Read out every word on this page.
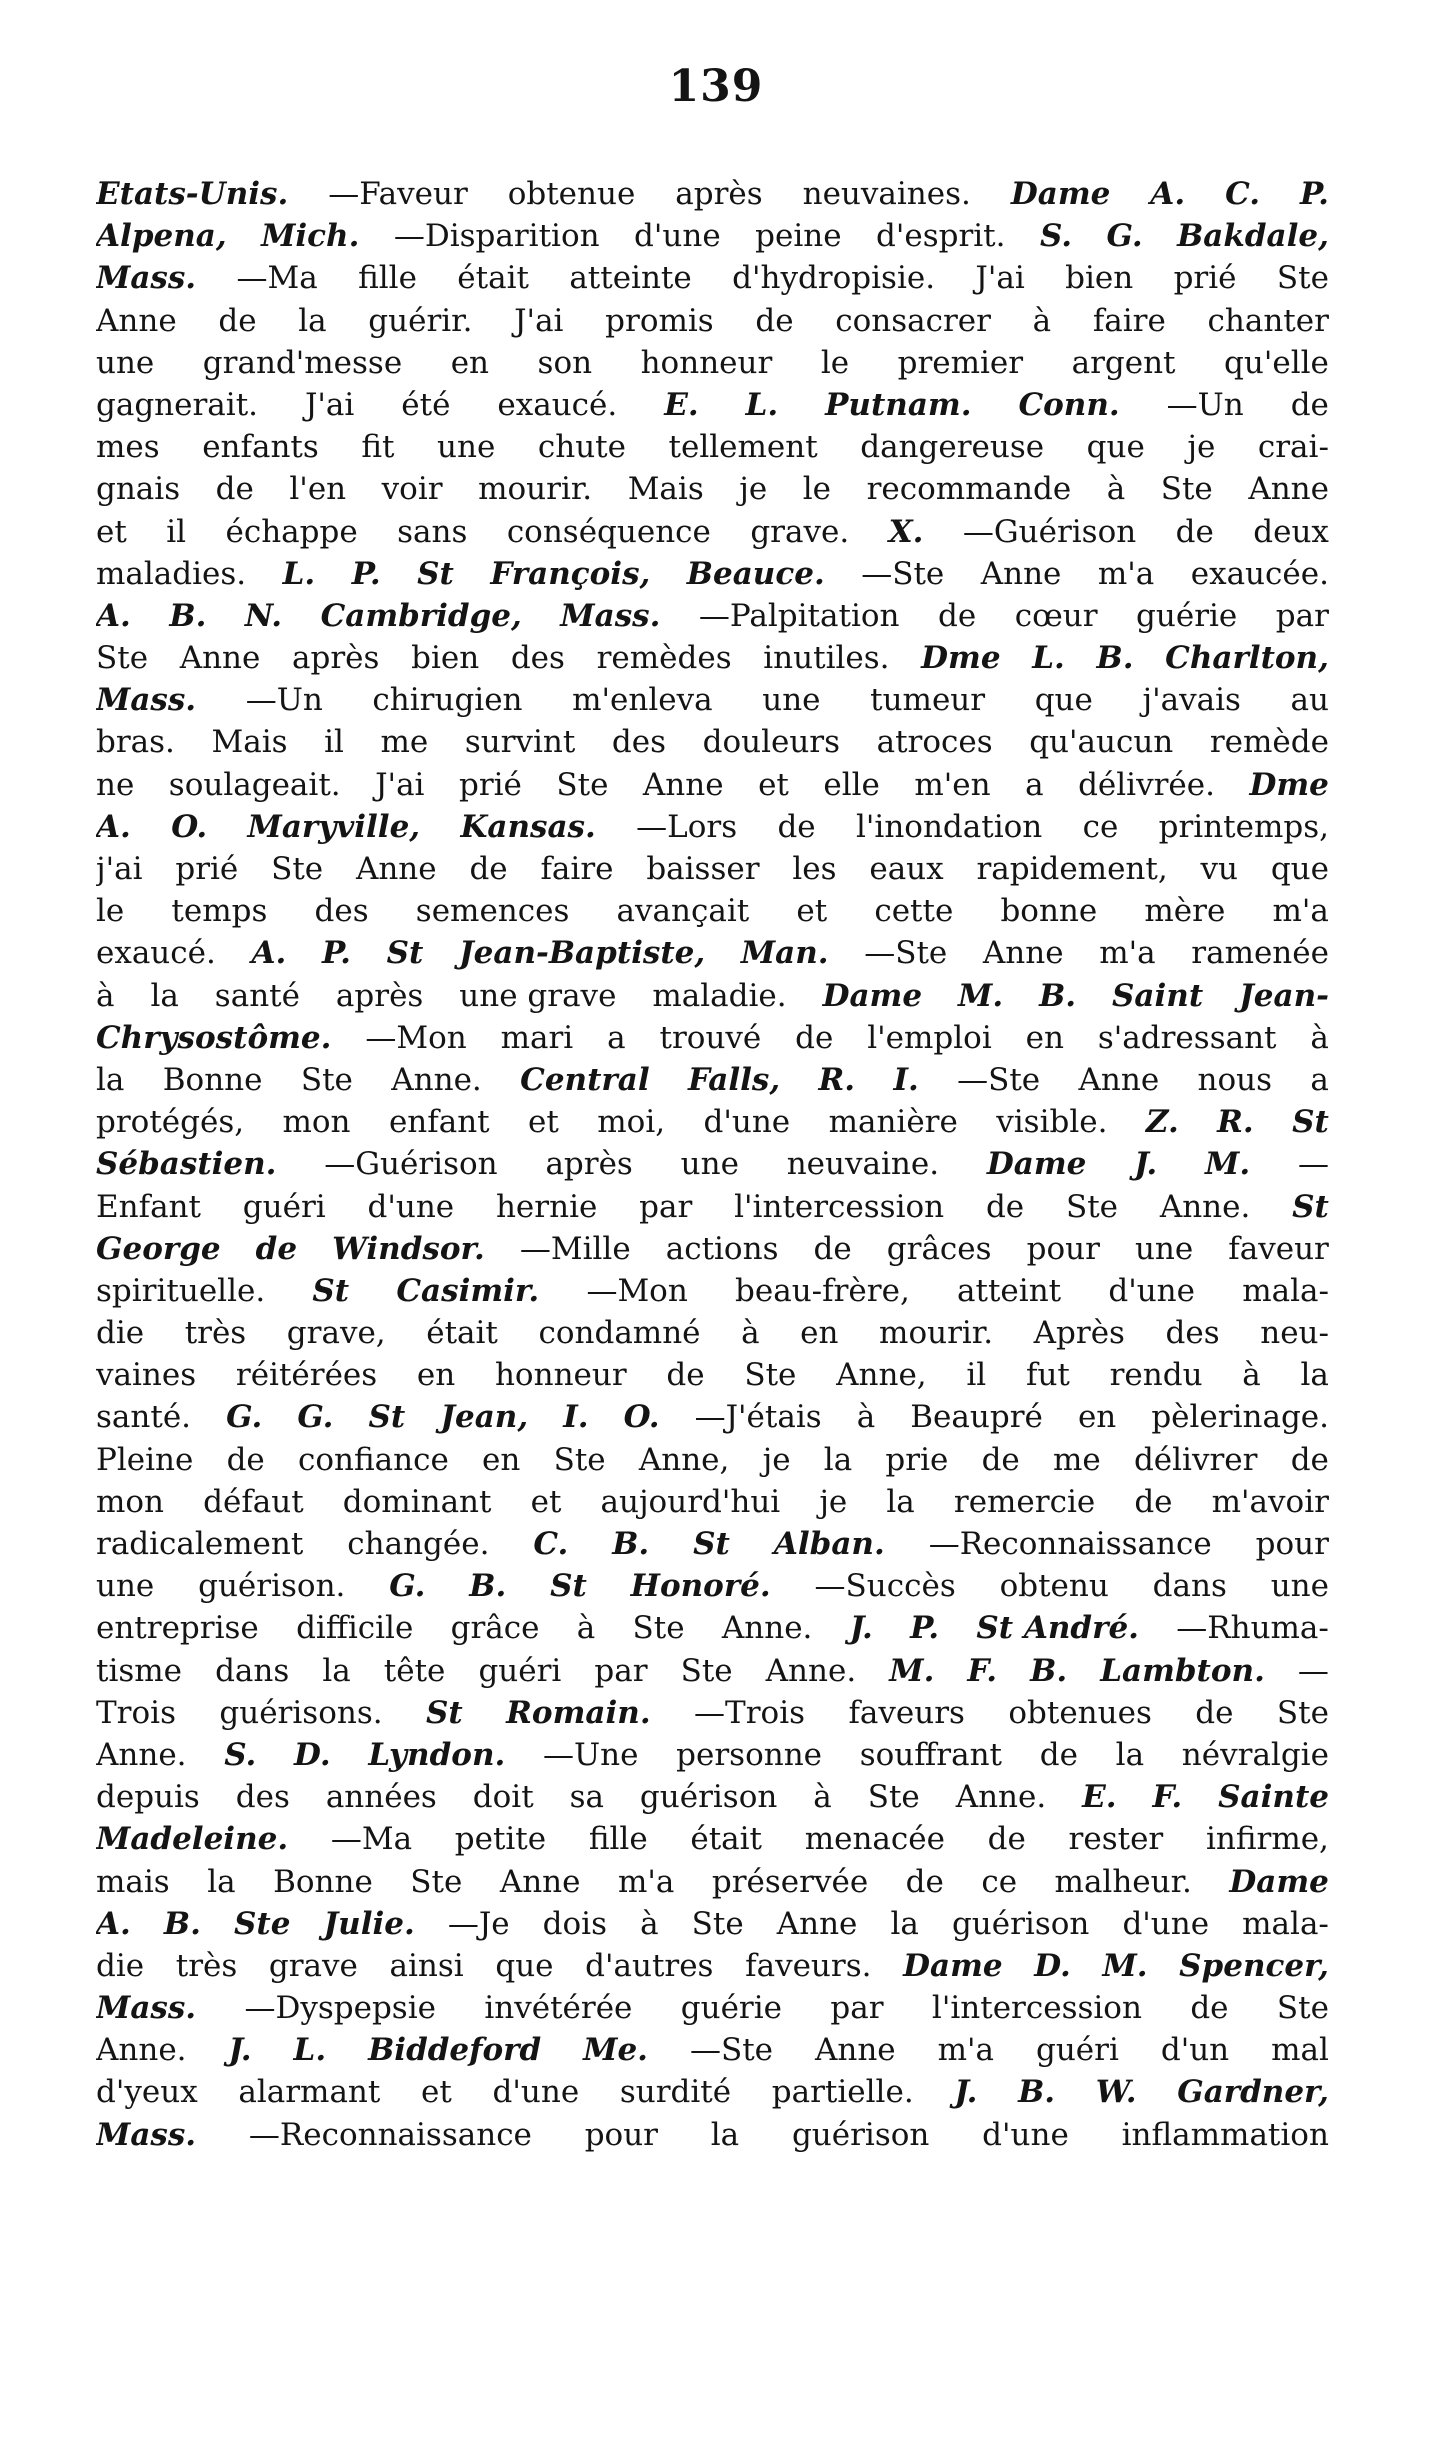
139
Etats-Unis. —Faveur obtenue après neuvaines. Dame A. C. P.
Alpena, Mich. —Disparition d'une peine d'esprit. S. G. Bakdale,
Mass. —Ma fille était atteinte d'hydropisie. J'ai bien prié Ste
Anne de la guérir. J'ai promis de consacrer à faire chanter
une grand'messe en son honneur le premier argent qu'elle
gagnerait. J'ai été exaucé. E. L. Putnam. Conn. —Un de
mes enfants fit une chute tellement dangereuse que je crai-
gnais de l'en voir mourir. Mais je le recommande à Ste Anne
et il échappe sans conséquence grave. X. —Guérison de deux
maladies. L. P. St François, Beauce. —Ste Anne m'a exaucée.
A. B. N. Cambridge, Mass. —Palpitation de cœur guérie par
Ste Anne après bien des remèdes inutiles. Dme L. B. Charlton,
Mass. —Un chirugien m'enleva une tumeur que j'avais au
bras. Mais il me survint des douleurs atroces qu'aucun remède
ne soulageait. J'ai prié Ste Anne et elle m'en a délivrée. Dme
A. O. Maryville, Kansas. —Lors de l'inondation ce printemps,
j'ai prié Ste Anne de faire baisser les eaux rapidement, vu que
le temps des semences avançait et cette bonne mère m'a
exaucé. A. P. St Jean-Baptiste, Man. —Ste Anne m'a ramenée
à la santé après une grave maladie. Dame M. B. Saint Jean-
Chrysostôme. —Mon mari a trouvé de l'emploi en s'adressant à
la Bonne Ste Anne. Central Falls, R. I. —Ste Anne nous a
protégés, mon enfant et moi, d'une manière visible. Z. R. St
Sébastien. —Guérison après une neuvaine. Dame J. M. —
Enfant guéri d'une hernie par l'intercession de Ste Anne. St
George de Windsor. —Mille actions de grâces pour une faveur
spirituelle. St Casimir. —Mon beau-frère, atteint d'une mala-
die très grave, était condamné à en mourir. Après des neu-
vaines réitérées en honneur de Ste Anne, il fut rendu à la
santé. G. G. St Jean, I. O. —J'étais à Beaupré en pèlerinage.
Pleine de confiance en Ste Anne, je la prie de me délivrer de
mon défaut dominant et aujourd'hui je la remercie de m'avoir
radicalement changée. C. B. St Alban. —Reconnaissance pour
une guérison. G. B. St Honoré. —Succès obtenu dans une
entreprise difficile grâce à Ste Anne. J. P. St André. —Rhuma-
tisme dans la tête guéri par Ste Anne. M. F. B. Lambton. —
Trois guérisons. St Romain. —Trois faveurs obtenues de Ste
Anne. S. D. Lyndon. —Une personne souffrant de la névralgie
depuis des années doit sa guérison à Ste Anne. E. F. Sainte
Madeleine. —Ma petite fille était menacée de rester infirme,
mais la Bonne Ste Anne m'a préservée de ce malheur. Dame
A. B. Ste Julie. —Je dois à Ste Anne la guérison d'une mala-
die très grave ainsi que d'autres faveurs. Dame D. M. Spencer,
Mass. —Dyspepsie invétérée guérie par l'intercession de Ste
Anne. J. L. Biddeford Me. —Ste Anne m'a guéri d'un mal
d'yeux alarmant et d'une surdité partielle. J. B. W. Gardner,
Mass. —Reconnaissance pour la guérison d'une inflammation
